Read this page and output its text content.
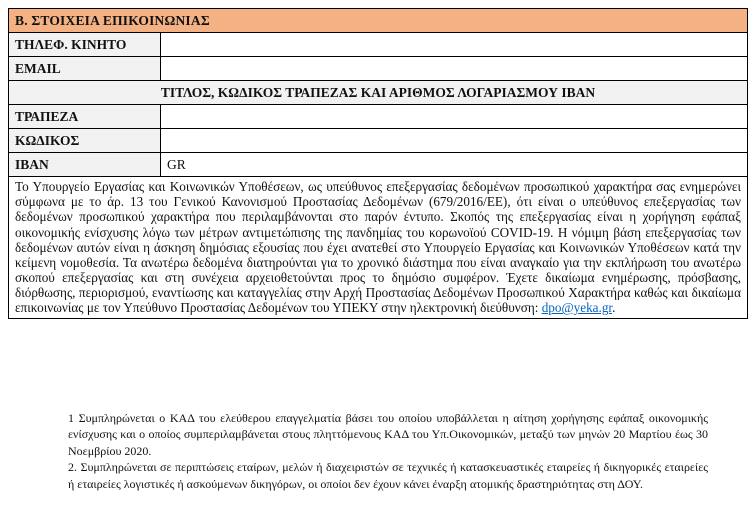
Β. ΣΤΟΙΧΕΙΑ ΕΠΙΚΟΙΝΩΝΙΑΣ	
ΤΗΛΕΦ. ΚΙΝΗΤΟ	
EMAIL	
ΤΙΤΛΟΣ, ΚΩΔΙΚΟΣ ΤΡΑΠΕΖΑΣ ΚΑΙ ΑΡΙΘΜΟΣ ΛΟΓΑΡΙΑΣΜΟΥ IBAN	
ΤΡΑΠΕΖΑ	
ΚΩΔΙΚΟΣ	
IBAN	GR

Το Υπουργείο Εργασίας και Κοινωνικών Υποθέσεων, ως υπεύθυνος επεξεργασίας δεδομένων προσωπικού χαρακτήρα σας ενημερώνει σύμφωνα με το άρ. 13 του Γενικού Κανονισμού Προστασίας Δεδομένων (679/2016/ΕΕ), ότι είναι ο υπεύθυνος επεξεργασίας των δεδομένων προσωπικού χαρακτήρα που περιλαμβάνονται στο παρόν έντυπο. Σκοπός της επεξεργασίας είναι η χορήγηση εφάπαξ οικονομικής ενίσχυσης λόγω των μέτρων αντιμετώπισης της πανδημίας του κορωνοϊού COVID-19. Η νόμιμη βάση επεξεργασίας των δεδομένων αυτών είναι η άσκηση δημόσιας εξουσίας που έχει ανατεθεί στο Υπουργείο Εργασίας και Κοινωνικών Υποθέσεων κατά την κείμενη νομοθεσία. Τα ανωτέρω δεδομένα διατηρούνται για το χρονικό διάστημα που είναι αναγκαίο για την εκπλήρωση του ανωτέρω σκοπού επεξεργασίας και στη συνέχεια αρχειοθετούνται προς το δημόσιο συμφέρον. Έχετε δικαίωμα ενημέρωσης, πρόσβασης, διόρθωσης, περιορισμού, εναντίωσης και καταγγελίας στην Αρχή Προστασίας Δεδομένων Προσωπικού Χαρακτήρα καθώς και δικαίωμα επικοινωνίας με τον Υπεύθυνο Προστασίας Δεδομένων του ΥΠΕΚΥ στην ηλεκτρονική διεύθυνση: dpo@yeka.gr.	

1 Συμπληρώνεται ο ΚΑΔ του ελεύθερου επαγγελματία βάσει του οποίου υποβάλλεται η αίτηση χορήγησης εφάπαξ οικονομικής ενίσχυσης και ο οποίος συμπεριλαμβάνεται στους πληττόμενους ΚΑΔ του Υπ.Οικονομικών, μεταξύ των μηνών 20 Μαρτίου έως 30 Νοεμβρίου 2020.

2. Συμπληρώνεται σε περιπτώσεις εταίρων, μελών ή διαχειριστών σε τεχνικές ή κατασκευαστικές εταιρείες ή δικηγορικές εταιρείες ή εταιρείες λογιστικές ή ασκούμενων δικηγόρων, οι οποίοι δεν έχουν κάνει έναρξη ατομικής δραστηριότητας στη ΔΟΥ.
